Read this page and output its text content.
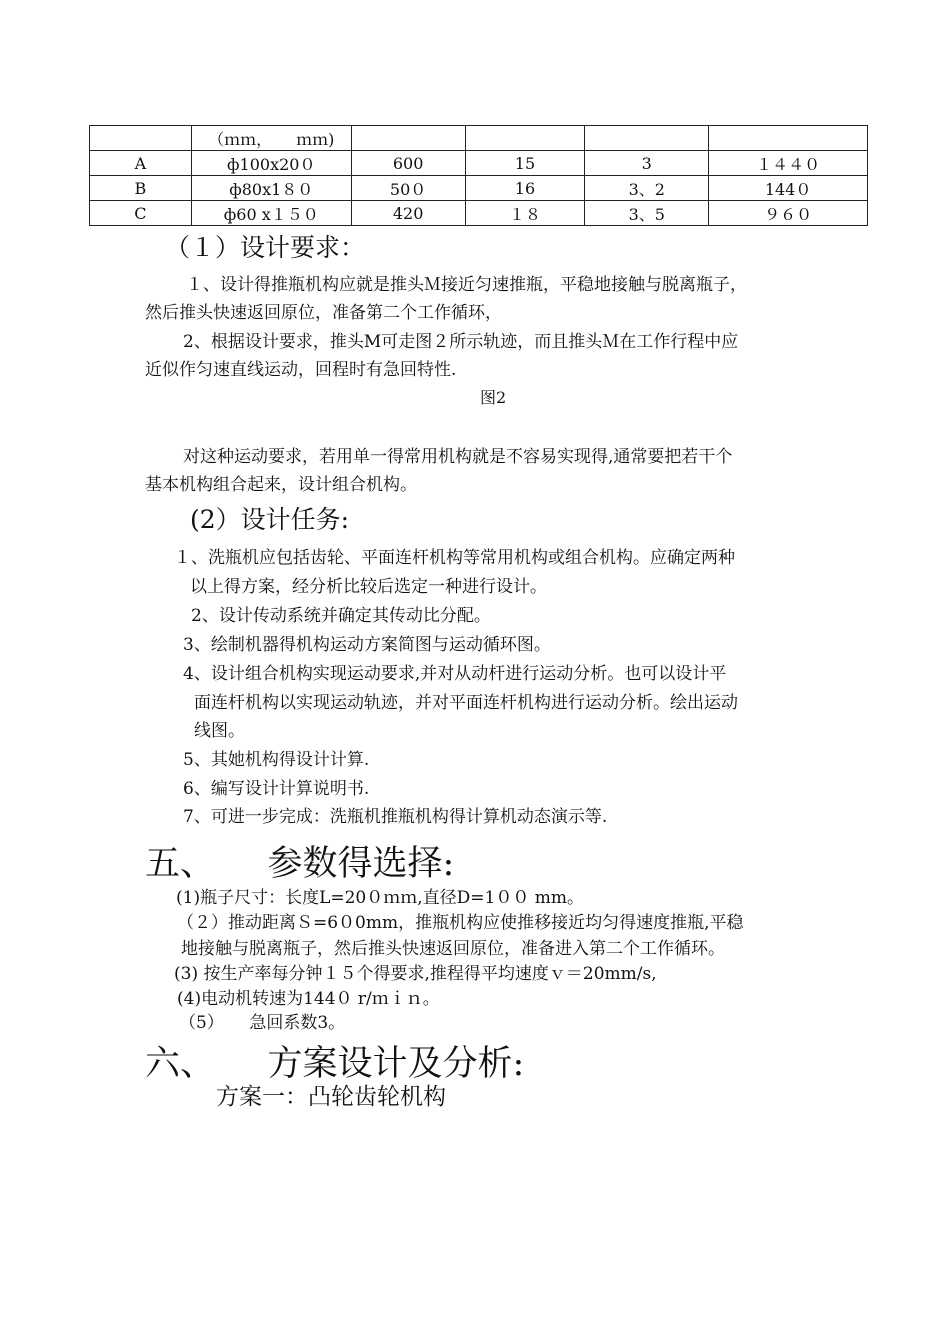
	（ｍｍ，　　ｍｍ)				
A	ф100x20０	600	15	3	１４４０
B	ф80x1８０	50０	16	3、2	144０
C	ф60 x１５０	420	１８	3、5	９６０
（１）设计要求：
１、设计得推瓶机构应就是推头Ｍ接近匀速推瓶，平稳地接触与脱离瓶子，
然后推头快速返回原位，准备第二个工作循环，
2、根据设计要求，推头M可走图２所示轨迹，而且推头Ｍ在工作行程中应
近似作匀速直线运动，回程时有急回特性.
图2
对这种运动要求，若用单一得常用机构就是不容易实现得,通常要把若干个
基本机构组合起来，设计组合机构。
(2）设计任务:
１、洗瓶机应包括齿轮、平面连杆机构等常用机构或组合机构。应确定两种
以上得方案，经分析比较后选定一种进行设计。
2、设计传动系统并确定其传动比分配。
3、绘制机器得机构运动方案简图与运动循环图。
4、设计组合机构实现运动要求,并对从动杆进行运动分析。也可以设计平
面连杆机构以实现运动轨迹，并对平面连杆机构进行运动分析。绘出运动
线图。
5、其她机构得设计计算.
6、编写设计计算说明书.
7、可进一步完成：洗瓶机推瓶机构得计算机动态演示等.
五、　　参数得选择:
(1)瓶子尺寸：长度L=20０ｍｍ,直径D=1００ mm。
（２）推动距离Ｓ=6０0mm，推瓶机构应使推移接近均匀得速度推瓶,平稳
地接触与脱离瓶子，然后推头快速返回原位，准备进入第二个工作循环。
(3) 按生产率每分钟１５个得要求,推程得平均速度ｖ＝20mm/s,
(4)电动机转速为144０ r/ｍｉｎ。
（5）　　急回系数3。
六、　　方案设计及分析:
方案一：凸轮齿轮机构
